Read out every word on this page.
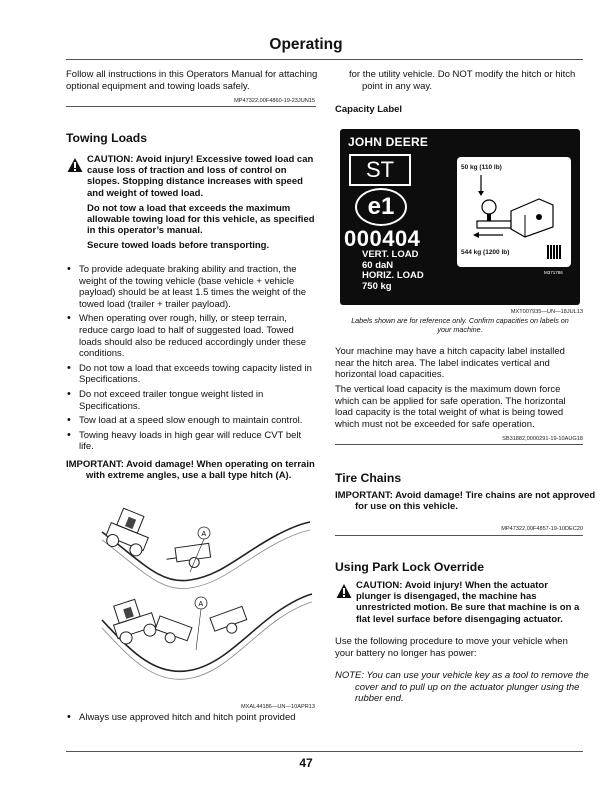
Operating
Follow all instructions in this Operators Manual for attaching optional equipment and towing loads safely.
MP47322,00F4860-19-23JUN15
Towing Loads
CAUTION: Avoid injury! Excessive towed load can cause loss of traction and loss of control on slopes. Stopping distance increases with speed and weight of towed load.
Do not tow a load that exceeds the maximum allowable towing load for this vehicle, as specified in this operator’s manual.
Secure towed loads before transporting.
• To provide adequate braking ability and traction, the weight of the towing vehicle (base vehicle + vehicle payload) should be at least 1.5 times the weight of the towed load (trailer + trailer payload).
• When operating over rough, hilly, or steep terrain, reduce cargo load to half of suggested load. Towed loads should also be reduced accordingly under these conditions.
• Do not tow a load that exceeds towing capacity listed in Specifications.
• Do not exceed trailer tongue weight listed in Specifications.
• Tow load at a speed slow enough to maintain control.
• Towing heavy loads in high gear will reduce CVT belt life.
IMPORTANT: Avoid damage! When operating on terrain with extreme angles, use a ball type hitch (A).
A
A
MXAL44186—UN—10APR13
• Always use approved hitch and hitch point provided
for the utility vehicle. Do NOT modify the hitch or hitch point in any way.
Capacity Label
JOHN DEERE
ST
e1
000404
VERT. LOAD
60 daN
HORIZ. LOAD
750 kg
50 kg (110 lb)
544 kg (1200 lb)
M371786
MXT007935—UN—18JUL13
Labels shown are for reference only. Confirm capacities on labels on your machine.
Your machine may have a hitch capacity label installed near the hitch area. The label indicates vertical and horizontal load capacities.
The vertical load capacity is the maximum down force which can be applied for safe operation. The horizontal load capacity is the total weight of what is being towed which must not be exceeded for safe operation.
SB31882,0000291-19-10AUG18
Tire Chains
IMPORTANT: Avoid damage! Tire chains are not approved for use on this vehicle.
MP47322,00F4857-19-10DEC20
Using Park Lock Override
CAUTION: Avoid injury! When the actuator plunger is disengaged, the machine has unrestricted motion. Be sure that machine is on a flat level surface before disengaging actuator.
Use the following procedure to move your vehicle when your battery no longer has power:
NOTE: You can use your vehicle key as a tool to remove the cover and to pull up on the actuator plunger using the rubber end.
47
